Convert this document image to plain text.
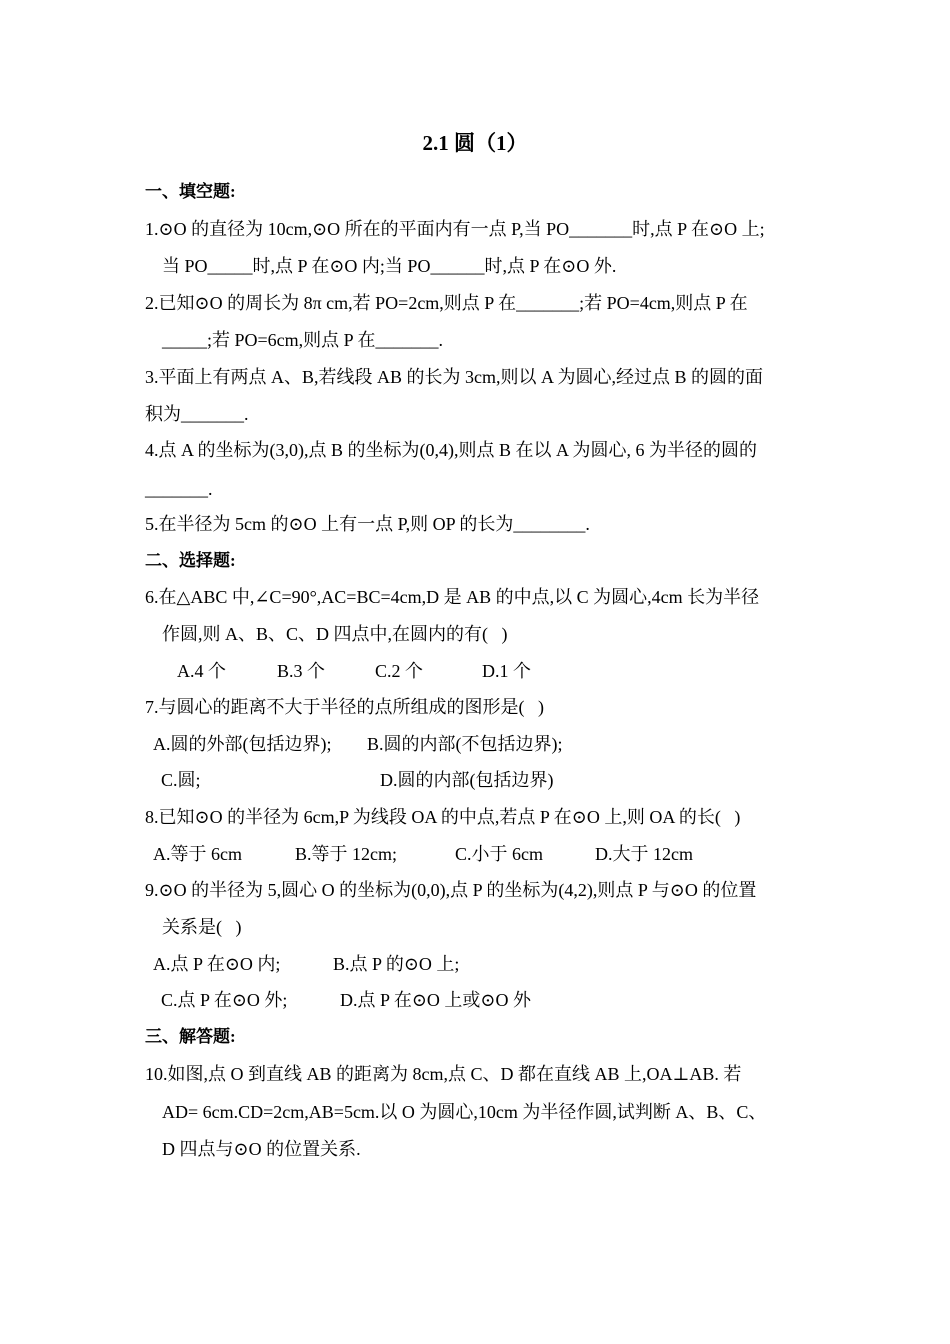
2.1 圆（1）
一、填空题:
1.⊙O 的直径为 10cm,⊙O 所在的平面内有一点 P,当 PO_______时,点 P 在⊙O 上;
当 PO_____时,点 P 在⊙O 内;当 PO______时,点 P 在⊙O 外.
2.已知⊙O 的周长为 8π cm,若 PO=2cm,则点 P 在_______;若 PO=4cm,则点 P 在
_____;若 PO=6cm,则点 P 在_______.
3.平面上有两点 A、B,若线段 AB 的长为 3cm,则以 A 为圆心,经过点 B 的圆的面
积为_______.
4.点 A 的坐标为(3,0),点 B 的坐标为(0,4),则点 B 在以 A 为圆心, 6 为半径的圆的
_______.
5.在半径为 5cm 的⊙O 上有一点 P,则 OP 的长为________.
二、选择题:
6.在△ABC 中,∠C=90°,AC=BC=4cm,D 是 AB 的中点,以 C 为圆心,4cm 长为半径
作圆,则 A、B、C、D 四点中,在圆内的有(   )
A.4 个	B.3 个	C.2 个	D.1 个
7.与圆心的距离不大于半径的点所组成的图形是(   )
A.圆的外部(包括边界); B.圆的内部(不包括边界);
C.圆;	D.圆的内部(包括边界)
8.已知⊙O 的半径为 6cm,P 为线段 OA 的中点,若点 P 在⊙O 上,则 OA 的长(   )
A.等于 6cm	B.等于 12cm;	C.小于 6cm	D.大于 12cm
9.⊙O 的半径为 5,圆心 O 的坐标为(0,0),点 P 的坐标为(4,2),则点 P 与⊙O 的位置
关系是(   )
A.点 P 在⊙O 内;	B.点 P 的⊙O 上;
C.点 P 在⊙O 外;	D.点 P 在⊙O 上或⊙O 外
三、解答题:
10.如图,点 O 到直线 AB 的距离为 8cm,点 C、D 都在直线 AB 上,OA⊥AB. 若
AD= 6cm.CD=2cm,AB=5cm.以 O 为圆心,10cm 为半径作圆,试判断 A、B、C、
D 四点与⊙O 的位置关系.
